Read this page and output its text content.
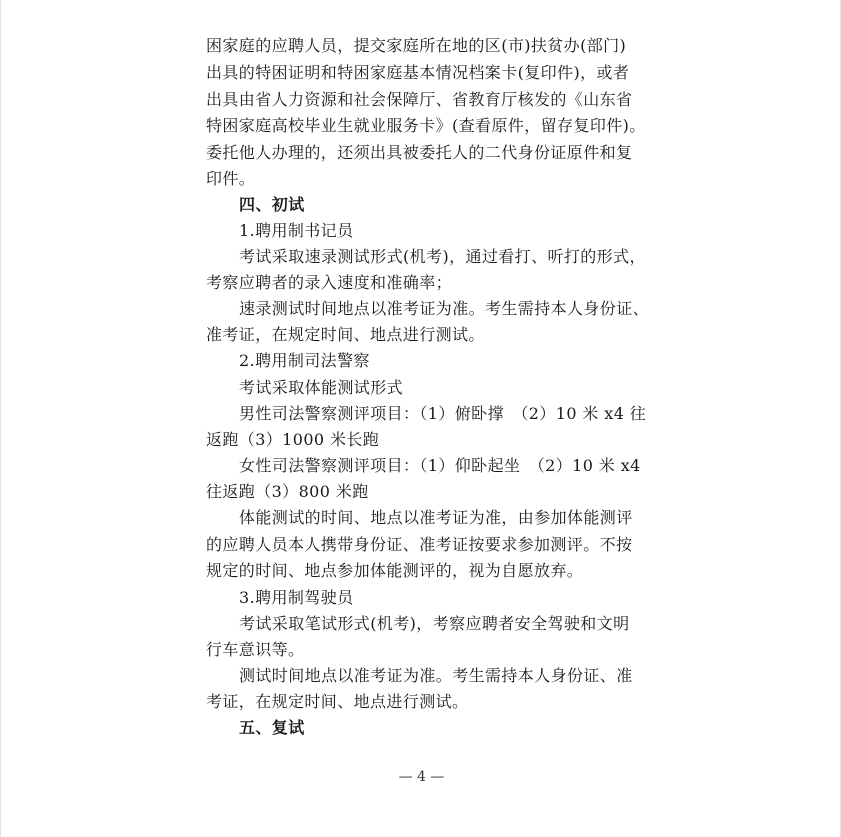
困家庭的应聘人员，提交家庭所在地的区(市)扶贫办(部门)
出具的特困证明和特困家庭基本情况档案卡(复印件)，或者
出具由省人力资源和社会保障厅、省教育厅核发的《山东省
特困家庭高校毕业生就业服务卡》(查看原件，留存复印件)。
委托他人办理的，还须出具被委托人的二代身份证原件和复
印件。
四、初试
1.聘用制书记员
考试采取速录测试形式(机考)，通过看打、听打的形式，
考察应聘者的录入速度和准确率；
速录测试时间地点以准考证为准。考生需持本人身份证、
准考证，在规定时间、地点进行测试。
2.聘用制司法警察
考试采取体能测试形式
男性司法警察测评项目：（1）俯卧撑　（2）10 米 x4 往
返跑（3）1000 米长跑
女性司法警察测评项目：（1）仰卧起坐　（2）10 米 x4
往返跑（3）800 米跑
体能测试的时间、地点以准考证为准，由参加体能测评
的应聘人员本人携带身份证、准考证按要求参加测评。不按
规定的时间、地点参加体能测评的，视为自愿放弃。
3.聘用制驾驶员
考试采取笔试形式(机考)，考察应聘者安全驾驶和文明
行车意识等。
测试时间地点以准考证为准。考生需持本人身份证、准
考证，在规定时间、地点进行测试。
五、复试
— 4 —
